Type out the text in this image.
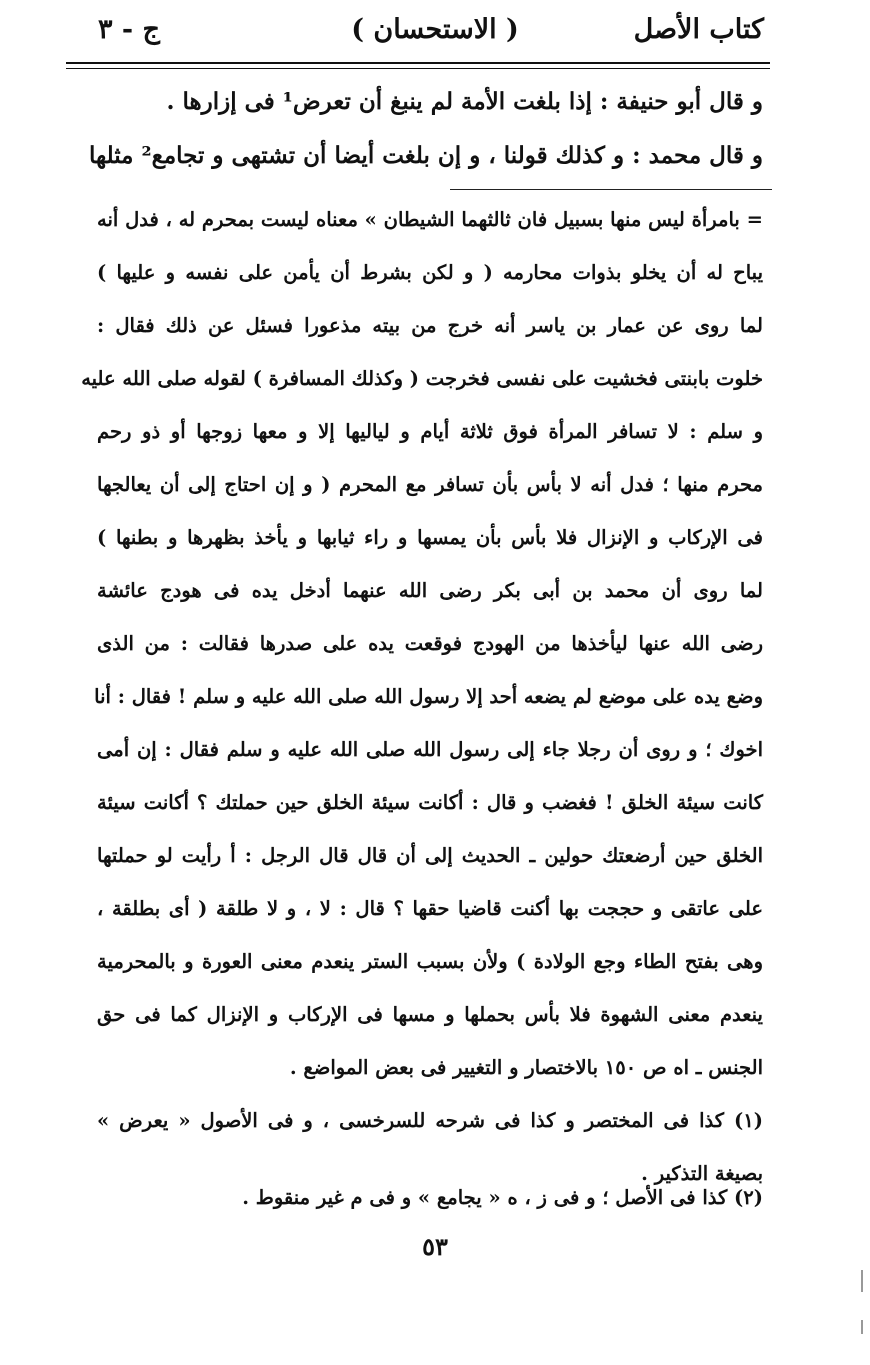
كتاب الأصل
( الاستحسان )
ج - ٣
و قال أبو حنيفة : إذا بلغت الأمة لم ينبغ أن تعرض¹ فى إزارها .
و قال محمد : و كذلك قولنا ، و إن بلغت أيضا أن تشتهى و تجامع² مثلها
= بامرأة ليس منها بسبيل فان ثالثهما الشيطان » معناه ليست بمحرم له ، فدل أنه
يباح له أن يخلو بذوات محارمه ( و لكن بشرط أن يأمن على نفسه و عليها )
لما روى عن عمار بن ياسر أنه خرج من بيته مذعورا فسئل عن ذلك فقال :
خلوت بابنتى فخشيت على نفسى فخرجت ( وكذلك المسافرة ) لقوله صلى الله عليه
و سلم : لا تسافر المرأة فوق ثلاثة أيام و لياليها إلا و معها زوجها أو ذو رحم
محرم منها ؛ فدل أنه لا بأس بأن تسافر مع المحرم ( و إن احتاج إلى أن يعالجها
فى الإركاب و الإنزال فلا بأس بأن يمسها و راء ثيابها و يأخذ بظهرها و بطنها )
لما روى أن محمد بن أبى بكر رضى الله عنهما أدخل يده فى هودج عائشة
رضى الله عنها ليأخذها من الهودج فوقعت يده على صدرها فقالت : من الذى
وضع يده على موضع لم يضعه أحد إلا رسول الله صلى الله عليه و سلم ! فقال : أنا
اخوك ؛ و روى أن رجلا جاء إلى رسول الله صلى الله عليه و سلم فقال : إن أمى
كانت سيئة الخلق ! فغضب و قال : أكانت سيئة الخلق حين حملتك ؟ أكانت سيئة
الخلق حين أرضعتك حولين ـ الحديث إلى أن قال قال الرجل : أ رأيت لو حملتها
على عاتقى و حججت بها أكنت قاضيا حقها ؟ قال : لا ، و لا طلقة ( أى بطلقة ،
وهى بفتح الطاء وجع الولادة ) ولأن بسبب الستر ينعدم معنى العورة و بالمحرمية
ينعدم معنى الشهوة فلا بأس بحملها و مسها فى الإركاب و الإنزال كما فى حق
الجنس ـ اه ص ١٥٠ بالاختصار و التغيير فى بعض المواضع .
(١) كذا فى المختصر و كذا فى شرحه للسرخسى ، و فى الأصول « يعرض »
بصيغة التذكير .
(٢) كذا فى الأصل ؛ و فى ز ، ه « يجامع » و فى م غير منقوط .
٥٣
